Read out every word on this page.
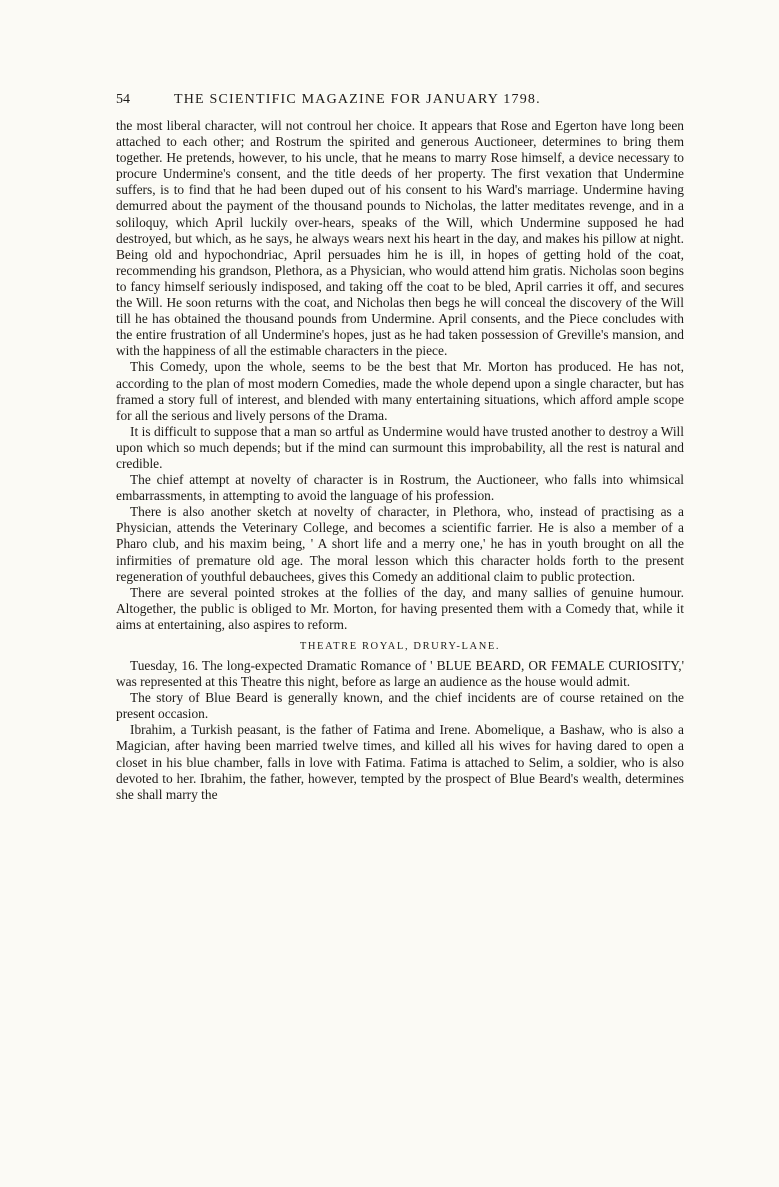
54	THE SCIENTIFIC MAGAZINE FOR JANUARY 1798.

the most liberal character, will not controul her choice. It appears that Rose and Egerton have long been attached to each other; and Rostrum the spirited and generous Auctioneer, determines to bring them together. He pretends, however, to his uncle, that he means to marry Rose himself, a device necessary to procure Undermine's consent, and the title deeds of her property. The first vexation that Undermine suffers, is to find that he had been duped out of his consent to his Ward's marriage. Undermine having demurred about the payment of the thousand pounds to Nicholas, the latter meditates revenge, and in a soliloquy, which April luckily over-hears, speaks of the Will, which Undermine supposed he had destroyed, but which, as he says, he always wears next his heart in the day, and makes his pillow at night. Being old and hypochondriac, April persuades him he is ill, in hopes of getting hold of the coat, recommending his grandson, Plethora, as a Physician, who would attend him gratis. Nicholas soon begins to fancy himself seriously indisposed, and taking off the coat to be bled, April carries it off, and secures the Will. He soon returns with the coat, and Nicholas then begs he will conceal the discovery of the Will till he has obtained the thousand pounds from Undermine. April consents, and the Piece concludes with the entire frustration of all Undermine's hopes, just as he had taken possession of Greville's mansion, and with the happiness of all the estimable characters in the piece.

This Comedy, upon the whole, seems to be the best that Mr. Morton has produced. He has not, according to the plan of most modern Comedies, made the whole depend upon a single character, but has framed a story full of interest, and blended with many entertaining situations, which afford ample scope for all the serious and lively persons of the Drama.

It is difficult to suppose that a man so artful as Undermine would have trusted another to destroy a Will upon which so much depends; but if the mind can surmount this improbability, all the rest is natural and credible.

The chief attempt at novelty of character is in Rostrum, the Auctioneer, who falls into whimsical embarrassments, in attempting to avoid the language of his profession.

There is also another sketch at novelty of character, in Plethora, who, instead of practising as a Physician, attends the Veterinary College, and becomes a scientific farrier. He is also a member of a Pharo club, and his maxim being, ' A short life and a merry one,' he has in youth brought on all the infirmities of premature old age. The moral lesson which this character holds forth to the present regeneration of youthful debauchees, gives this Comedy an additional claim to public protection.

There are several pointed strokes at the follies of the day, and many sallies of genuine humour. Altogether, the public is obliged to Mr. Morton, for having presented them with a Comedy that, while it aims at entertaining, also aspires to reform.

THEATRE ROYAL, DRURY-LANE.

Tuesday, 16. The long-expected Dramatic Romance of ' BLUE BEARD, OR FEMALE CURIOSITY,' was represented at this Theatre this night, before as large an audience as the house would admit.

The story of Blue Beard is generally known, and the chief incidents are of course retained on the present occasion.

Ibrahim, a Turkish peasant, is the father of Fatima and Irene. Abomelique, a Bashaw, who is also a Magician, after having been married twelve times, and killed all his wives for having dared to open a closet in his blue chamber, falls in love with Fatima. Fatima is attached to Selim, a soldier, who is also devoted to her. Ibrahim, the father, however, tempted by the prospect of Blue Beard's wealth, determines she shall marry the
